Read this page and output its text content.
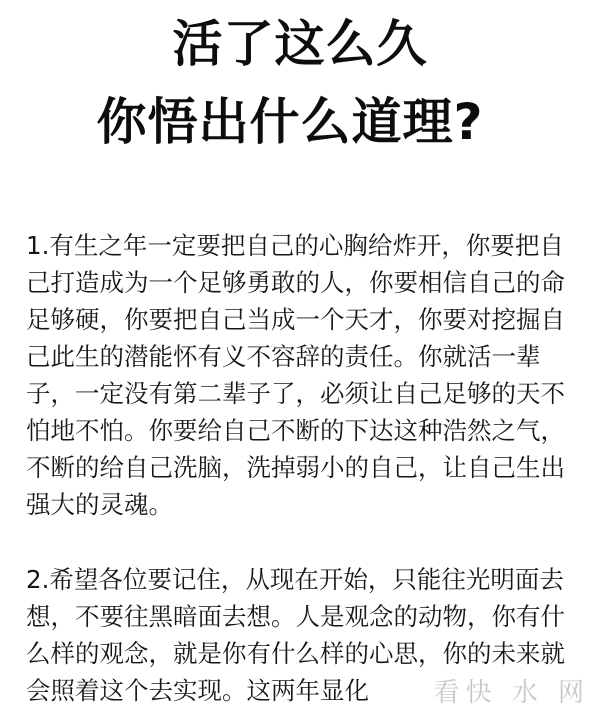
活了这么久
你悟出什么道理?
1.有生之年一定要把自己的心胸给炸开，你要把自己打造成为一个足够勇敢的人，你要相信自己的命足够硬，你要把自己当成一个天才，你要对挖掘自己此生的潜能怀有义不容辞的责任。你就活一辈子，一定没有第二辈子了，必须让自己足够的天不怕地不怕。你要给自己不断的下达这种浩然之气，不断的给自己洗脑，洗掉弱小的自己，让自己生出强大的灵魂。
2.希望各位要记住，从现在开始，只能往光明面去想，不要往黑暗面去想。人是观念的动物，你有什么样的观念，就是你有什么样的心思，你的未来就会照着这个去实现。这两年显化	看快 水 网
